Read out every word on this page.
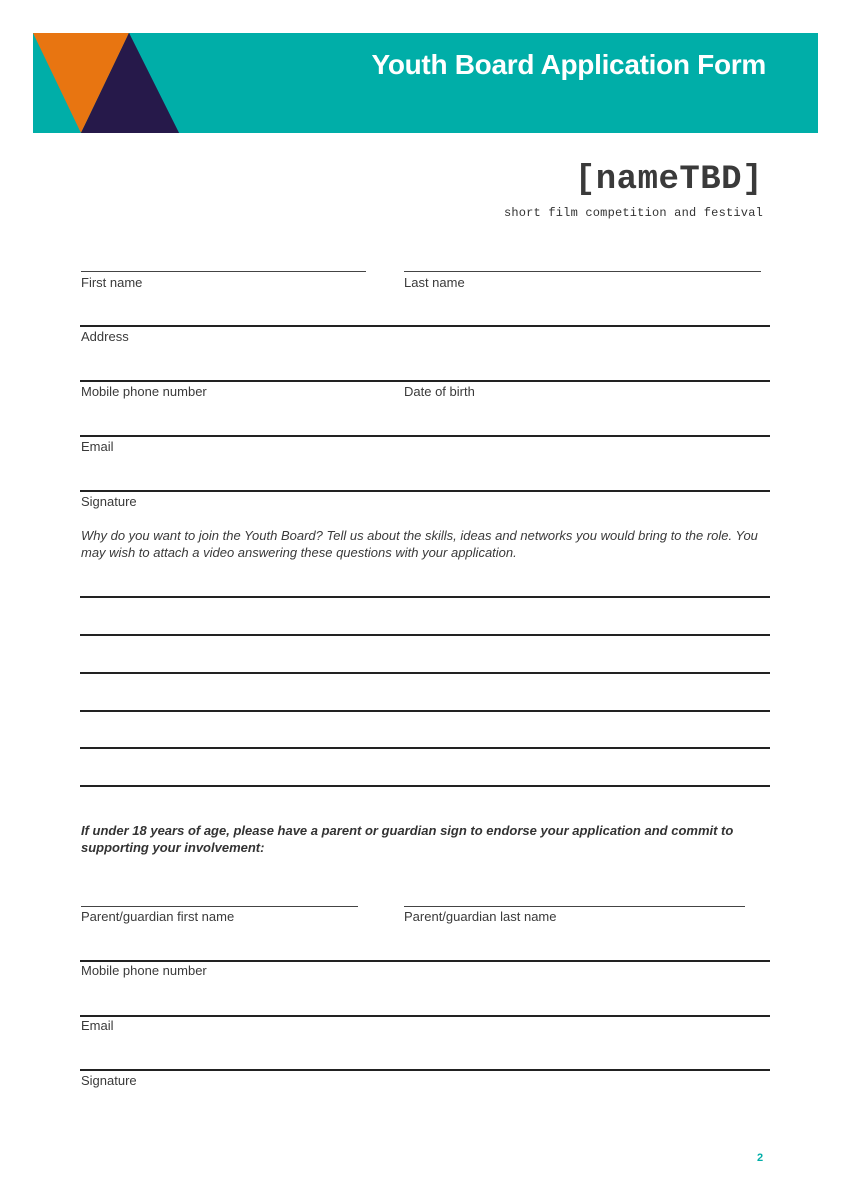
Youth Board Application Form
[nameTBD]
short film competition and festival
First name	Last name
Address
Mobile phone number	Date of birth
Email
Signature
Why do you want to join the Youth Board? Tell us about the skills, ideas and networks you would bring to the role. You may wish to attach a video answering these questions with your application.
If under 18 years of age, please have a parent or guardian sign to endorse your application and commit to supporting your involvement:
Parent/guardian first name	Parent/guardian last name
Mobile phone number
Email
Signature
2
